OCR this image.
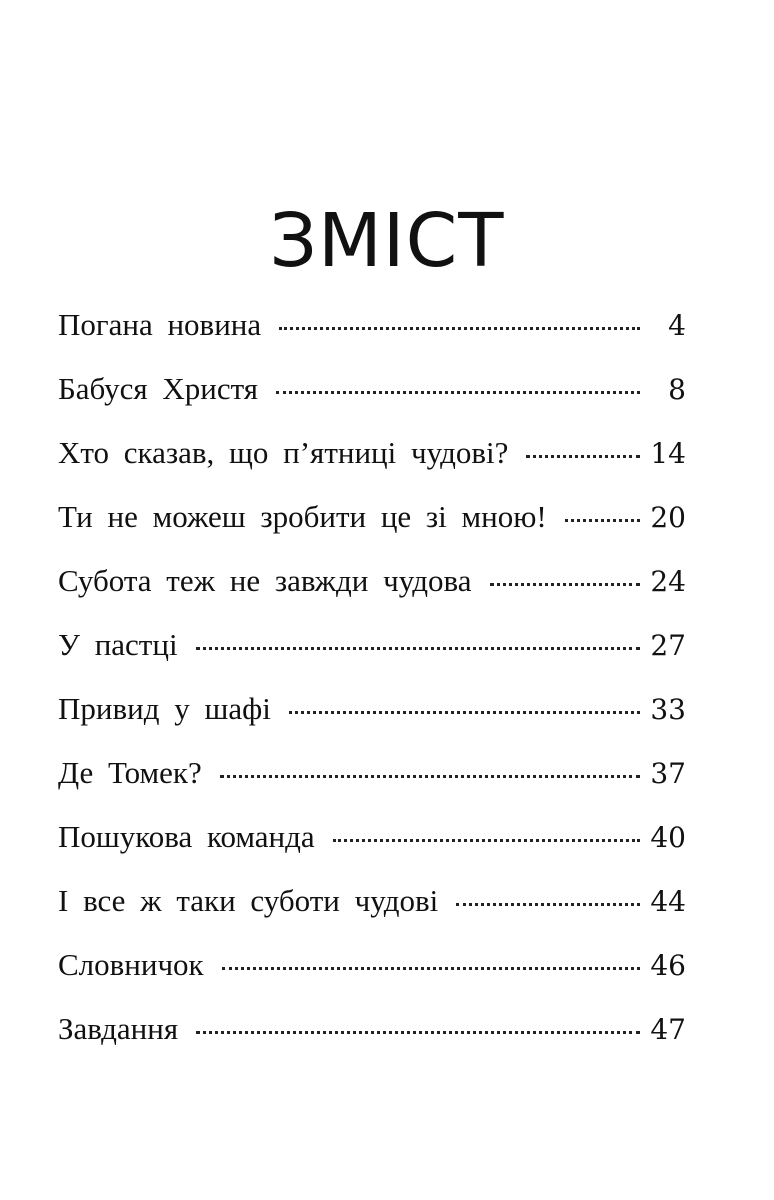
ЗМІСТ
Погана новина	4
Бабуся Христя	8
Хто сказав, що п’ятниці чудові?	14
Ти не можеш зробити це зі мною!	20
Субота теж не завжди чудова	24
У пастці	27
Привид у шафі	33
Де Томек?	37
Пошукова команда	40
І все ж таки суботи чудові	44
Словничок	46
Завдання	47
